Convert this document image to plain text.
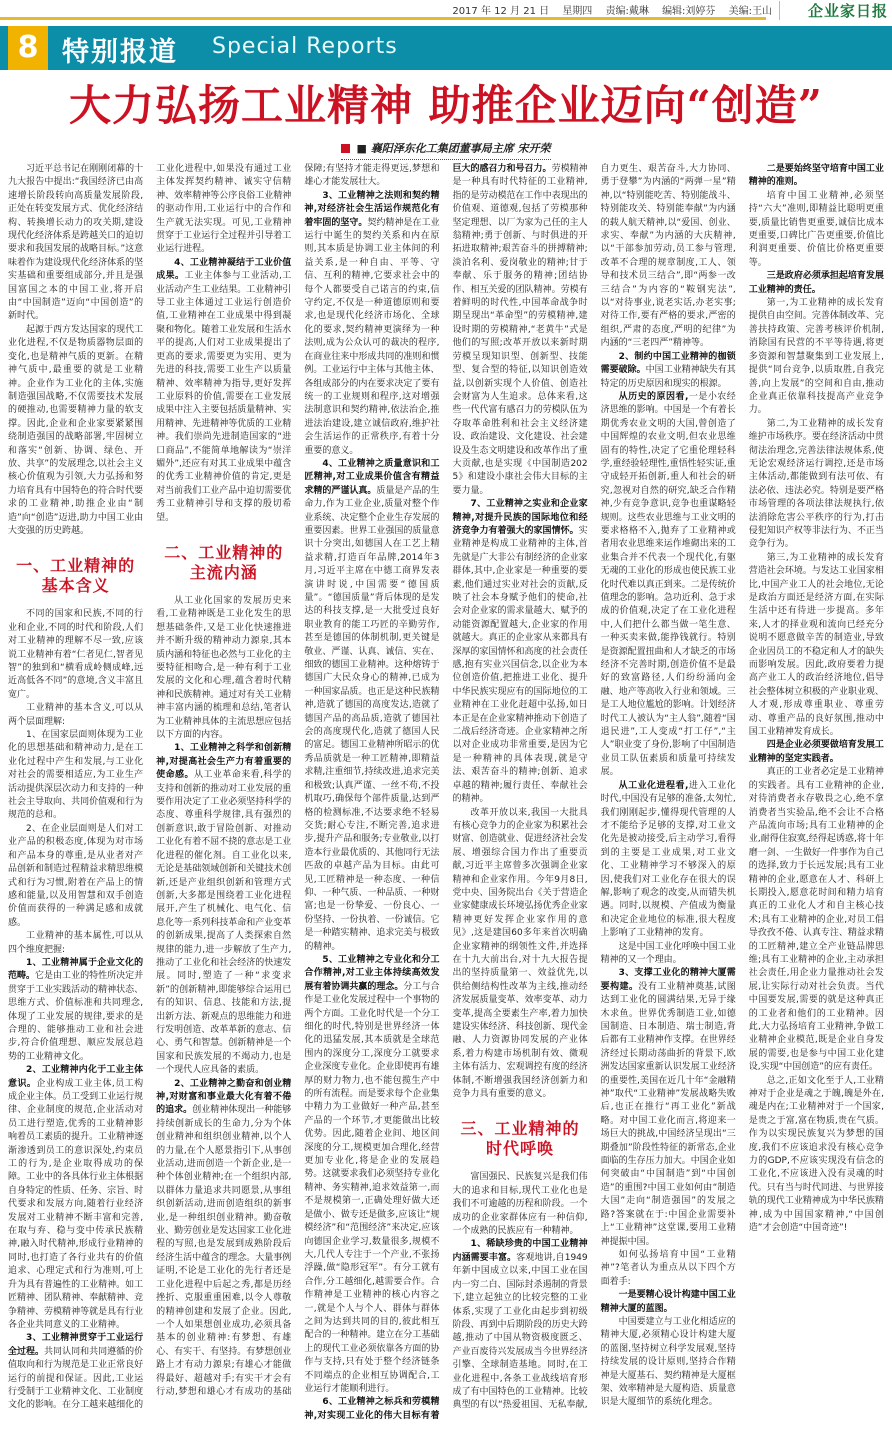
2017 年 12 月 21 日 星期四 责编:戴琳 编辑:刘婷芬 美编:王山 企业家日报
8 特别报道 Special Reports
大力弘扬工业精神 助推企业迈向“创造”
■ 襄阳泽东化工集团董事局主席 宋开荣

习近平总书记在刚刚闭幕的十九大报告中提出:“我国经济已由高速增长阶段转向高质量发展阶段,正处在转变发展方式、优化经济结构、转换增长动力的攻关期,建设现代化经济体系是跨越关口的迫切要求和我国发展的战略目标。”这意味着作为建设现代化经济体系的坚实基础和重要组成部分,并且是强国富国之本的中国工业,将开启由“中国制造”迈向“中国创造”的新时代。

起源于西方发达国家的现代工业化进程,不仅是物质器物层面的变化,也是精神气质的更新。在精神气质中,最重要的就是工业精神。企业作为工业化的主体,实施制造强国战略,不仅需要技术发展的硬推动,也需要精神力量的软支撑。因此,企业和企业家要紧紧围绕制造强国的战略部署,牢固树立和落实“创新、协调、绿色、开放、共享”的发展理念,以社会主义核心价值观为引领,大力弘扬和努力培育具有中国特色的符合时代要求的工业精神,助推企业由“制造”向“创造”迈进,助力中国工业由大变强的历史跨越。

一、工业精神的基本含义

不同的国家和民族,不同的行业和企业,不同的时代和阶段,人们对工业精神的理解不尽一致,应该说工业精神有着“仁者见仁,智者见智”的独到和“横看成岭侧成峰,远近高低各不同”的意境,含义丰富且宽广。

工业精神的基本含义,可以从两个层面理解:

1、在国家层面则体现为工业化的思想基础和精神动力,是在工业化过程中产生和发展,与工业化对社会的需要相适应,为工业生产活动提供深层次动力和支持的一种社会主导取向、共同价值观和行为规范的总和。

2、在企业层面则是人们对工业产品的积极态度,体现为对市场和产品本身的尊重,是从业者对产品创新和制造过程精益求精思维模式和行为习惯,附着在产品上的情感和能量,以及用智慧和双手创造价值而获得的一种满足感和成就感。

工业精神的基本属性,可以从四个维度把握:

1、工业精神属于企业文化的范畴。它是由工业的特性所决定并贯穿于工业实践活动的精神状态、思维方式、价值标准和共同理念,体现了工业发展的规律,要求的是合理的、能够推动工业和社会进步,符合价值理想、顺应发展总趋势的工业精神文化。

2、工业精神内化于工业主体意识。企业构成工业主体,员工构成企业主体。员工受到工业运行规律、企业制度的规范,企业活动对员工进行塑造,优秀的工业精神影响着员工素质的提升。工业精神逐渐渗透到员工的意识深处,约束员工的行为,是企业取得成功的保障。工业中的各具体行业主体根据自身特定的性质、任务、宗旨、时代要求和发展方向,随着行业经济发展对工业精神不断丰富和完善,在取与弃、稳与变中传承民族精神,融入时代精神,形成行业精神的同时,也打造了各行业共有的价值追求、心理定式和行为准则,可上升为具有普遍性的工业精神。如工匠精神、团队精神、奉献精神、竞争精神、劳模精神等就是具有行业各企业共同意义的工业精神。

3、工业精神贯穿于工业运行全过程。共同认同和共同遵循的价值取向和行为规范是工业正常良好运行的前提和保证。因此,工业运行受制于工业精神文化、工业制度文化的影响。在分工越来越细化的工业化进程中,如果没有通过工业主体发挥契约精神、诚实守信精神、效率精神等公序良俗工业精神的驱动作用,工业运行中的合作和生产就无法实现。可见,工业精神贯穿于工业运行全过程并引导着工业运行进程。

4、工业精神凝结于工业价值成果。工业主体参与工业活动,工业活动产生工业结果。工业精神引导工业主体通过工业运行创造价值,工业精神在工业成果中得到凝聚和物化。随着工业发展和生活水平的提高,人们对工业成果提出了更高的要求,需要更为实用、更为先进的科技,需要工业生产以质量精神、效率精神为指导,更好发挥工业原料的价值,需要在工业发展成果中注入主要包括质量精神、实用精神、先进精神等优质的工业精神。我们崇尚先进制造国家的“进口商品”,不能简单地解读为“崇洋媚外”,还应有对其工业成果中蕴含的优秀工业精神价值的肯定,更是对当前我们工业产品中迫切需要优秀工业精神引导和支撑的殷切希望。

二、工业精神的主流内涵

从工业化国家的发展历史来看,工业精神既是工业化发生的思想基础条件,又是工业化快速推进并不断升级的精神动力源泉,其本质内涵和特征也必然与工业化的主要特征相吻合,是一种有利于工业发展的文化和心理,蕴含着时代精神和民族精神。通过对有关工业精神丰富内涵的梳理和总结,笔者认为工业精神具体的主流思想应包括以下方面的内容。

1、工业精神之科学和创新精神,对提高社会生产力有着重要的使命感。从工业革命来看,科学的支持和创新的推动对工业发展的重要作用决定了工业必须坚持科学的态度、尊重科学规律,具有强烈的创新意识,敢于冒险创新、对推动工业化有着不屈不挠的意志是工业化进程的催化剂。自工业化以来,无论是基础领域创新和关键技术创新,还是产业组织创新和管理方式创新,大多都是围绕着工业化进程展开,产生了机械化、电气化、信息化等一系列科技革命和产业变革的创新成果,提高了人类探索自然规律的能力,进一步解放了生产力,推动了工业化和社会经济的快速发展。同时,塑造了一种“求变求新”的创新精神,即能够综合运用已有的知识、信息、技能和方法,提出新方法、新观点的思维能力和进行发明创造、改革革新的意志、信心、勇气和智慧。创新精神是一个国家和民族发展的不竭动力,也是一个现代人应具备的素质。

2、工业精神之勤奋和创业精神,对财富和事业最大化有着不倦的追求。创业精神体现出一种能够持续创新成长的生命力,分为个体创业精神和组织创业精神,以个人的力量,在个人愿景指引下,从事创业活动,进而创造一个新企业,是一种个体创业精神;在一个组织内部,以群体力量追求共同愿景,从事组织创新活动,进而创造组织的新事业,是一种组织创业精神。勤奋敬业、勤劳创业是发达国家工业化进程的写照,也是发展到成熟阶段后经济生活中蕴含的理念。大量事例证明,不论是工业化的先行者还是工业化进程中后起之秀,都是历经挫折、克服重重困难,以令人尊敬的精神创建和发展了企业。因此,一个人如果想创业成功,必须具备基本的创业精神:有梦想、有雄心、有实干、有坚持。有梦想创业路上才有动力源泉;有雄心才能做得最好、超越对手;有实干才会有行动,梦想和雄心才有成功的基础保障;有坚持才能走得更远,梦想和雄心才能发展壮大。

3、工业精神之法则和契约精神,对经济社会生活运作规范化有着牢固的坚守。契约精神是在工业运行中诞生的契约关系和内在原则,其本质是协调工业主体间的利益关系,是一种自由、平等、守信、互利的精神,它要求社会中的每个人都要受自己诺言的约束,信守约定,不仅是一种道德原则和要求,也是现代化经济市场化、全球化的要求,契约精神更演绎为一种法则,成为公众认可的裁决的程序,在商业往来中形成共同的准则和惯例。工业运行中主体与其他主体、各组成部分的内在要求决定了要有统一的工业规则和程序,这对增强法制意识和契约精神,依法治企,推进法治建设,建立诚信政府,维护社会生活运作的正常秩序,有着十分重要的意义。

4、工业精神之质量意识和工匠精神,对工业成果价值含有精益求精的严谨认真。质量是产品的生命力,作为工业企业,质量对整个作业系统、决定整个企业生存发展的重要因素。世界工业强国的质量意识十分突出,如德国人在工艺上精益求精,打造百年品牌,2014年3月,习近平主席在中德工商界发表演讲时说,中国需要“德国质量”。“德国质量”背后体现的是发达的科技支撑,是一大批受过良好职业教育的能工巧匠的辛勤劳作,甚至是德国的体制机制,更关键是敬业、严谨、认真、诚信、实在、细致的德国工业精神。这种熔铸于德国广大民众身心的精神,已成为一种国家品质。也正是这种民族精神,造就了德国的高度发达,造就了德国产品的高品质,造就了德国社会的高度现代化,造就了德国人民的富足。德国工业精神所昭示的优秀品质就是一种工匠精神,即精益求精,注重细节,持续改进,追求完美和极致;认真严谨、一丝不苟,不投机取巧,确保每个部件质量,达到严格的检测标准,不达要求绝不轻易交货;耐心专注,不断完善,追求进步,提升产品和服务;专业敬业,以打造本行业最优质的、其他同行无法匹敌的卓越产品为目标。由此可见,工匠精神是一种态度、一种信仰、一种气质、一种品质、一种财富;也是一份挚爱、一份良心、一份坚持、一份执着、一份诚信。它是一种踏实精神、追求完美与极致的精神。

5、工业精神之专业化和分工合作精神,对工业主体持续高效发展有着协调共赢的理念。分工与合作是工业化发展过程中一个事物的两个方面。工业化时代是一个分工细化的时代,特别是世界经济一体化的迅猛发展,其本质就是全球范围内的深度分工,深度分工就要求企业深度专业化。企业即使再有雄厚的财力物力,也不能包揽生产中的所有流程。而是要求每个企业集中精力为工业做好一种产品,甚至产品的一个环节,才更能做出比较优势。因此,随着企业间、地区间深度的分工,规模更加合理化,经营更加专业化,将是企业的发展趋势。这就要求我们必须坚持专业化精神、务实精神,追求效益第一,而不是规模第一,正确处理好做大还是做小、做专还是做多,应该让“规模经济”和“范围经济”来决定,应该向德国企业学习,数量很多,规模不大,几代人专注于一个产业,不张扬浮躁,做“隐形冠军”。有分工就有合作,分工越细化,越需要合作。合作精神是工业精神的核心内容之一,就是个人与个人、群体与群体之间为达到共同的目的,彼此相互配合的一种精神。建立在分工基础上的现代工业必须依靠各方面的协作与支持,只有处于整个经济链条不同端点的企业相互协调配合,工业运行才能顺利进行。

6、工业精神之标兵和劳模精神,对实现工业化的伟大目标有着巨大的感召力和号召力。劳模精神是一种具有时代特征的工业精神,指的是劳动模范在工作中表现出的价值观、道德观,包括了劳模那种坚定理想、以厂为家为己任的主人翁精神;勇于创新、与时俱进的开拓进取精神;艰苦奋斗的拼搏精神;淡泊名利、爱岗敬业的精神;甘于奉献、乐于服务的精神;团结协作、相互关爱的团队精神。劳模有着鲜明的时代性,中国革命战争时期呈现出“革命型”的劳模精神,建设时期的劳模精神,“老黄牛”式是他们的写照;改革开放以来新时期劳模呈现知识型、创新型、技能型、复合型的特征,以知识创造效益,以创新实现个人价值、创造社会财富为人生追求。总体来看,这些一代代富有感召力的劳模队伍为夺取革命胜利和社会主义经济建设、政治建设、文化建设、社会建设及生态文明建设和改革作出了重大贡献,也是实现《中国制造2025》和建设小康社会伟大目标的主要力量。

7、工业精神之实业和企业家精神,对提升民族的国际地位和经济竞争力有着强大的家国情怀。实业精神是构成工业精神的主体,首先就是广大非公有制经济的企业家群体,其中,企业家是一种重要的要素,他们通过实业对社会的贡献,反映了社会本身赋予他们的使命,社会对企业家的需求量越大、赋予的动能资源配置越大,企业家的作用就越大。真正的企业家从来都具有深厚的家国情怀和高度的社会责任感,抱有实业兴国信念,以企业为本位创造价值,把推进工业化、提升中华民族实现应有的国际地位的工业精神在工业化赶超中弘扬,如日本正是在企业家精神推动下创造了二战后经济奇迹。企业家精神之所以对企业成功非常重要,是因为它是一种精神的具体表现,就是守法、艰苦奋斗的精神;创新、追求卓越的精神;履行责任、奉献社会的精神。

改革开放以来,我国一大批具有核心竞争力的企业家为积累社会财富、创造就业、促进经济社会发展、增强综合国力作出了重要贡献,习近平主席曾多次强调企业家精神和企业家作用。今年9月8日,党中央、国务院出台《关于营造企业家健康成长环境弘扬优秀企业家精神更好发挥企业家作用的意见》,这是建国60多年来首次明确企业家精神的纲领性文件,并选择在十九大前出台,对十九大报告提出的坚持质量第一、效益优先,以供给侧结构性改革为主线,推动经济发展质量变革、效率变革、动力变革,提高全要素生产率,着力加快建设实体经济、科技创新、现代金融、人力资源协同发展的产业体系,着力构建市场机制有效、微观主体有活力、宏观调控有度的经济体制,不断增强我国经济创新力和竞争力具有重要的意义。

三、工业精神的时代呼唤

富国强民、民族复兴是我们伟大的追求和目标,现代工业化也是我们不可逾越的历程和阶段。一个成功的企业家群体应有一种信仰,一个成熟的民族应有一种精神。

1、稀缺珍贵的中国工业精神内涵需要丰富。客观地讲,自1949年新中国成立以来,中国工业在国内一穷二白、国际封杀遏制的背景下,建立起独立的比较完整的工业体系,实现了工业化由起步到初级阶段、再到中后期阶段的历史大跨越,推动了中国从物资极度匮乏、产业百废待兴发展成当今世界经济引擎、全球制造基地。同时,在工业化进程中,各条工业战线培育形成了有中国特色的工业精神。比较典型的有以“热爱祖国、无私奉献,自力更生、艰苦奋斗,大力协同、勇于登攀”为内涵的“两弹一星”精神,以“特别能吃苦、特别能战斗、特别能攻关、特别能奉献”为内涵的载人航天精神,以“爱国、创业、求实、奉献”为内涵的大庆精神,以“干部参加劳动,员工参与管理,改革不合理的规章制度,工人、领导和技术员三结合”,即“两参一改三结合”为内容的“鞍钢宪法”,以“对待事业,说老实话,办老实事;对待工作,要有严格的要求,严密的组织,严肃的态度,严明的纪律”为内涵的“三老四严”精神等。

2、制约中国工业精神的枷锁需要破除。中国工业精神缺失有其特定的历史原因和现实的根源。

从历史的原因看,一是小农经济思维的影响。中国是一个有着长期优秀农业文明的大国,曾创造了中国辉煌的农业文明,但农业思维固有的特性,决定了它重伦理轻科学,重经验轻理性,重悟性轻实证,重守成轻开拓创新,重人和社会的研究,忽视对自然的研究,缺乏合作精神,少有竞争意识,竞争也重谋略轻规则。这些农业思维与工业文明的要求格格不入,抛弃了工业精神或者用农业思维来运作堆砌出来的工业集合并不代表一个现代化,有躯无魂的工业化的形成也使民族工业化时代难以真正到来。二是传统价值理念的影响。急功近利、急于求成的价值观,决定了在工业化进程中,人们把什么都当做一笔生意、一种买卖来做,能挣钱就行。特别是资源配置扭曲和人才缺乏的市场经济不完善时期,创造价值不是最好的致富路径,人们纷纷涌向金融、地产等高收入行业和领域。三是工人地位尴尬的影响。计划经济时代工人被认为“主人翁”,随着“国退民进”,工人变成“打工仔”,“主人”职业变了身份,影响了中国制造业员工队伍素质和质量可持续发展。

从工业化进程看,进入工业化时代,中国没有足够的准备,太匆忙,我们刚刚起步,懂得现代管理的人才不能给予足够的支撑,对工业文化先是被动接受,后主动学习,看得到的主要是工业成果,对工业文化、工业精神学习不够深入的原因,使我们对工业化存在很大的误解,影响了观念的改变,从而错失机遇。同时,以规模、产值成为衡量和决定企业地位的标准,很大程度上影响了工业精神的发育。

这是中国工业化呼唤中国工业精神的又一个理由。

3、支撑工业化的精神大厦需要构建。没有工业精神奠基,试图达到工业化的圆满结果,无异于缘木求鱼。世界优秀制造工业,如德国制造、日本制造、瑞士制造,背后都有工业精神作支撑。在世界经济经过长期动荡曲折的背景下,欧洲发达国家重新认识发展工业经济的重要性,美国在近几十年“金融精神”取代“工业精神”发展战略失败后,也正在推行“再工业化”新战略。对中国工业化而言,将迎来一场巨大的挑战,中国经济呈现出“三期叠加”阶段性特征的新常态,企业面临的生存压力加大。中国企业如何突破由“中国制造”到“中国创造”的重围?中国工业如何由“制造大国”走向“制造强国”的发展之路?答案就在于:中国企业需要补上“工业精神”这堂课,要用工业精神提振中国。

如何弘扬培育中国“工业精神”?笔者认为重点从以下四个方面着手:

一是要精心设计构建中国工业精神大厦的蓝图。

中国要建立与工业化相适应的精神大厦,必须精心设计构建大厦的蓝图,坚持树立科学发展观,坚持持续发展的设计原则,坚持合作精神是大厦基石、契约精神是大厦框架、效率精神是大厦构造、质量意识是大厦细节的系统化理念。

二是要始终坚守培育中国工业精神的准则。

培育中国工业精神,必须坚持“六大”准则,即精益比聪明更重要,质量比销售更重要,诚信比成本更重要,口碑比广告更重要,价值比利润更重要、价值比价格更重要等。

三是政府必须承担起培育发展工业精神的责任。

第一,为工业精神的成长发育提供自由空间。完善体制改革、完善扶持政策、完善考核评价机制,消除国有民营的不平等待遇,将更多资源和智慧聚集到工业发展上,提供“同台竞争,以质取胜,自我完善,向上发展”的空间和自由,推动企业真正依靠科技提高产业竞争力。

第二,为工业精神的成长发育维护市场秩序。要在经济活动中贯彻法治理念,完善法律法规体系,使无论宏观经济运行调控,还是市场主体活动,都能做到有法可依、有法必依、违法必究。特别是要严格市场管理的各项法律法规执行,依法消除危害公平秩序的行为,打击侵犯知识产权等非法行为、不正当竞争行为。

第三,为工业精神的成长发育营造社会环境。与发达工业国家相比,中国产业工人的社会地位,无论是政治方面还是经济方面,在实际生活中还有待进一步提高。多年来,人才的择业观和流向已经充分说明不愿意做辛苦的制造业,导致企业因员工的不稳定和人才的缺失而影响发展。因此,政府要着力提高产业工人的政治经济地位,倡导社会整体树立积极的产业职业观、人才观,形成尊重职业、尊重劳动、尊重产品的良好氛围,推动中国工业精神发育成长。

四是企业必须要做培育发展工业精神的坚定实践者。

真正的工业者必定是工业精神的实践者。具有工业精神的企业,对待消费者永存敬畏之心,绝不拿消费者当实验品,绝不会让不合格产品流向市场;具有工业精神的企业,耐得住寂寞,经得起诱惑,将十年磨一剑、一生做好一件事作为自己的选择,致力于长远发展;具有工业精神的企业,愿意在人才、科研上长期投入,愿意花时间和精力培育真正的工业化人才和自主核心技术;具有工业精神的企业,对员工倡导孜孜不倦、认真专注、精益求精的工匠精神,建立全产业链品牌思维;具有工业精神的企业,主动承担社会责任,用企业力量推动社会发展,让实际行动对社会负责。当代中国要发展,需要的就是这种真正的工业者和他们的工业精神。因此,大力弘扬培育工业精神,争做工业精神企业模范,既是企业自身发展的需要,也是参与中国工业化建设,实现“中国创造”的应有责任。

总之,正如文化至于人,工业精神对于企业是魂之于魄,魄是外在,魂是内在;工业精神对于一个国家,是贵之于富,富在物质,贵在气质。作为以实现民族复兴为梦想的国度,我们不应该追求没有核心竞争力的GDP,不应该实现没有信念的工业化,不应该进入没有灵魂的时代。只有当与时代同进、与世界接轨的现代工业精神成为中华民族精神,成为中国国家精神,“中国创造”才会创造“中国奇迹”!
